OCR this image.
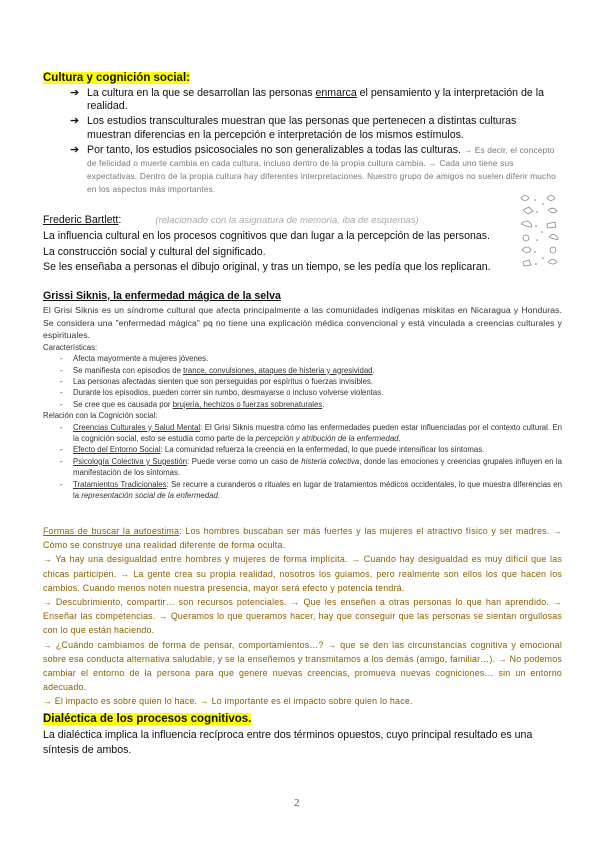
Cultura y cognición social:
➔ La cultura en la que se desarrollan las personas enmarca el pensamiento y la interpretación de la realidad.
➔ Los estudios transculturales muestran que las personas que pertenecen a distintas culturas muestran diferencias en la percepción e interpretación de los mismos estímulos.
➔ Por tanto, los estudios psicosociales no son generalizables a todas las culturas. → Es decir, el concepto de felicidad o muerte cambia en cada cultura, incluso dentro de la propia cultura cambia. → Cada uno tiene sus expectativas. Dentro de la propia cultura hay diferentes interpretaciones. Nuestro grupo de amigos no suelen diferir mucho en los aspectos más importantes.
Frederic Bartlett:	(relacionado con la asignatura de memoria, iba de esquemas)
La influencia cultural en los procesos cognitivos que dan lugar a la percepción de las personas.
La construcción social y cultural del significado.
Se les enseñaba a personas el dibujo original, y tras un tiempo, se les pedía que los replicaran.
Grissi Siknis, la enfermedad mágica de la selva
El Grisi Siknis es un síndrome cultural que afecta principalmente a las comunidades indígenas miskitas en Nicaragua y Honduras. Se considera una "enfermedad mágica" pq no tiene una explicación médica convencional y está vinculada a creencias culturales y espirituales.
Características:
- Afecta mayormente a mujeres jóvenes.
- Se manifiesta con episodios de trance, convulsiones, ataques de histeria y agresividad.
- Las personas afectadas sienten que son perseguidas por espíritus o fuerzas invisibles.
- Durante los episodios, pueden correr sin rumbo, desmayarse o incluso volverse violentas.
- Se cree que es causada por brujería, hechizos o fuerzas sobrenaturales.
Relación con la Cognición social:
- Creencias Culturales y Salud Mental: El Grisi Siknis muestra cómo las enfermedades pueden estar influenciadas por el contexto cultural. En la cognición social, esto se estudia como parte de la percepción y atribución de la enfermedad.
- Efecto del Entorno Social: La comunidad refuerza la creencia en la enfermedad, lo que puede intensificar los síntomas.
- Psicología Colectiva y Sugestión: Puede verse como un caso de histeria colectiva, donde las emociones y creencias grupales influyen en la manifestación de los síntomas.
- Tratamientos Tradicionales: Se recurre a curanderos o rituales en lugar de tratamientos médicos occidentales, lo que muestra diferencias en la representación social de la enfermedad.

Formas de buscar la autoestima: Los hombres buscaban ser más fuertes y las mujeres el atractivo físico y ser madres. → Cómo se construye una realidad diferente de forma oculta.

→ Ya hay una desigualdad entre hombres y mujeres de forma implícita. → Cuando hay desigualdad es muy difícil que las chicas participen. → La gente crea su propia realidad, nosotros los guiamos, pero realmente son ellos los que hacen los cambios. Cuando menos noten nuestra presencia, mayor será efecto y potencia tendrá.

→ Descubrimiento, compartir… son recursos potenciales. → Que les enseñen a otras personas lo que han aprendido. → Enseñar las competencias. → Queramos lo que queramos hacer, hay que conseguir que las personas se sientan orgullosas con lo que están haciendo.

→ ¿Cuándo cambiamos de forma de pensar, comportamientos…? → que se den las circunstancias cognitiva y emocional sobre esa conducta alternativa saludable, y se la enseñemos y transmitamos a los demás (amigo, familiar…). → No podemos cambiar el entorno de la persona para que genere nuevas creencias, promueva nuevas cogniciones… sin un entorno adecuado.

→ El impacto es sobre quien lo hace. → Lo importante es el impacto sobre quien lo hace.

Dialéctica de los procesos cognitivos.
La dialéctica implica la influencia recíproca entre dos términos opuestos, cuyo principal resultado es una síntesis de ambos.
2
